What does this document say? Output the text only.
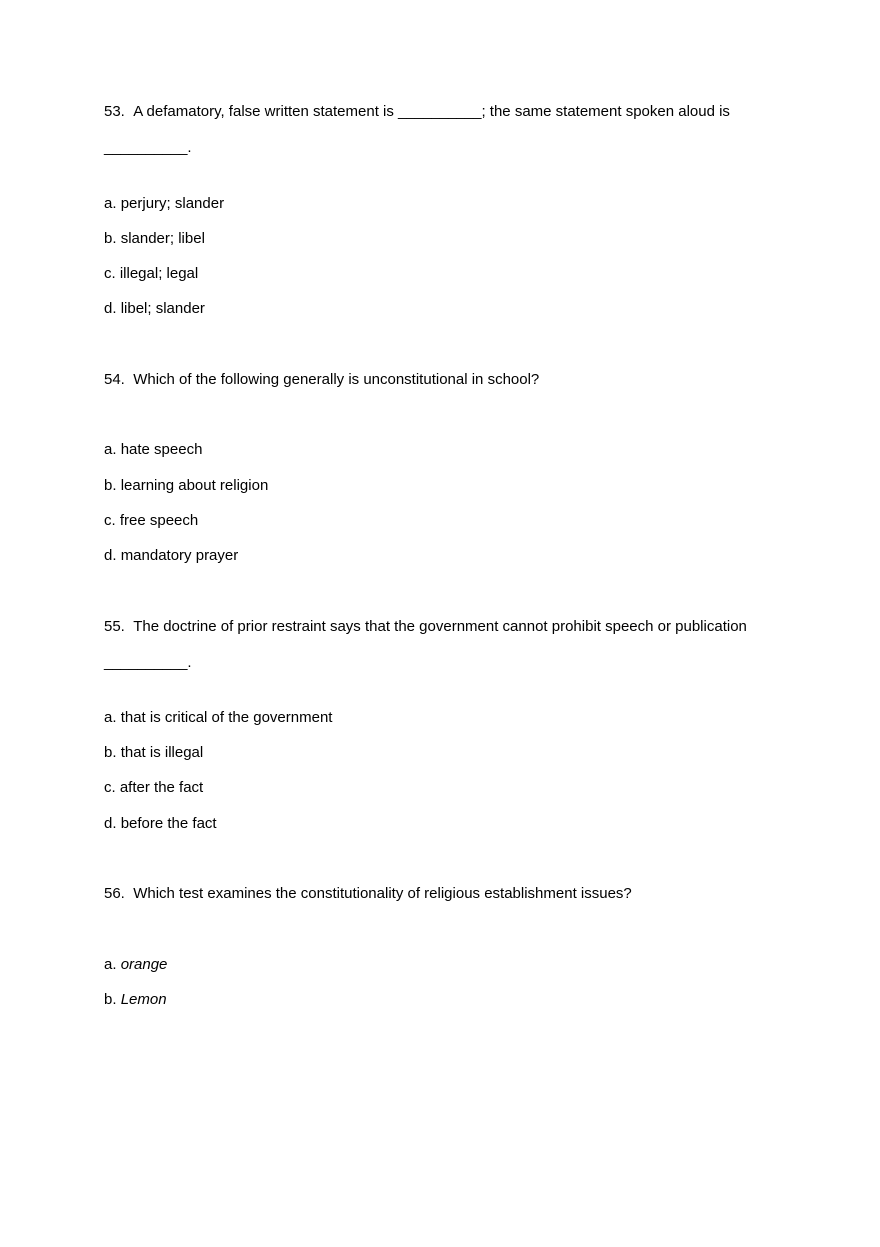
53. A defamatory, false written statement is __________; the same statement spoken aloud is
__________.
a. perjury; slander
b. slander; libel
c. illegal; legal
d. libel; slander
54. Which of the following generally is unconstitutional in school?
a. hate speech
b. learning about religion
c. free speech
d. mandatory prayer
55. The doctrine of prior restraint says that the government cannot prohibit speech or publication
__________.
a. that is critical of the government
b. that is illegal
c. after the fact
d. before the fact
56. Which test examines the constitutionality of religious establishment issues?
a. orange
b. Lemon
